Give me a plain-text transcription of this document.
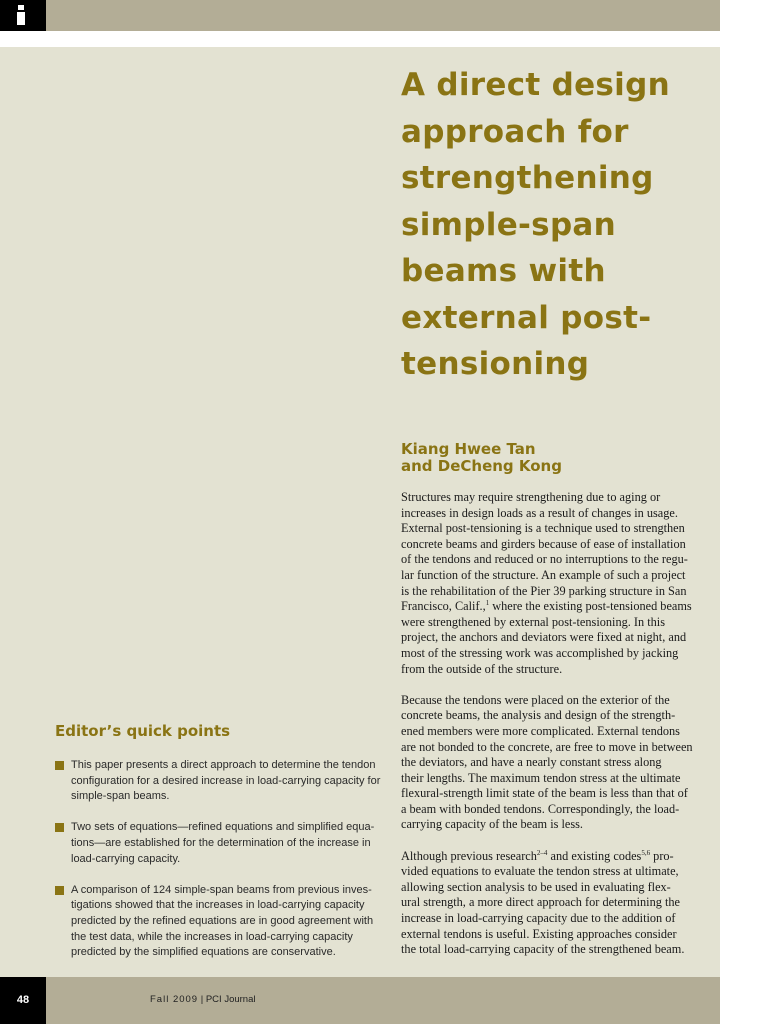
A direct design approach for strengthening simple-span beams with external post-tensioning
Kiang Hwee Tan
and DeCheng Kong

Structures may require strengthening due to aging or
increases in design loads as a result of changes in usage.
External post-tensioning is a technique used to strengthen
concrete beams and girders because of ease of installation
of the tendons and reduced or no interruptions to the regu-
lar function of the structure. An example of such a project
is the rehabilitation of the Pier 39 parking structure in San
Francisco, Calif.,$^1$ where the existing post-tensioned beams
were strengthened by external post-tensioning. In this
project, the anchors and deviators were fixed at night, and
most of the stressing work was accomplished by jacking
from the outside of the structure.

Because the tendons were placed on the exterior of the
concrete beams, the analysis and design of the strength-
ened members were more complicated. External tendons
are not bonded to the concrete, are free to move in between
the deviators, and have a nearly constant stress along
their lengths. The maximum tendon stress at the ultimate
flexural-strength limit state of the beam is less than that of
a beam with bonded tendons. Correspondingly, the load-
carrying capacity of the beam is less.

Although previous research$^{2-4}$ and existing codes$^{5,6}$ pro-
vided equations to evaluate the tendon stress at ultimate,
allowing section analysis to be used in evaluating flex-
ural strength, a more direct approach for determining the
increase in load-carrying capacity due to the addition of
external tendons is useful. Existing approaches consider
the total load-carrying capacity of the strengthened beam.

Editor’s quick points
This paper presents a direct approach to determine the tendon
configuration for a desired increase in load-carrying capacity for
simple-span beams.
Two sets of equations—refined equations and simplified equa-
tions—are established for the determination of the increase in
load-carrying capacity.
A comparison of 124 simple-span beams from previous inves-
tigations showed that the increases in load-carrying capacity
predicted by the refined equations are in good agreement with
the test data, while the increases in load-carrying capacity
predicted by the simplified equations are conservative.
48	Fall 2009 | PCI Journal
